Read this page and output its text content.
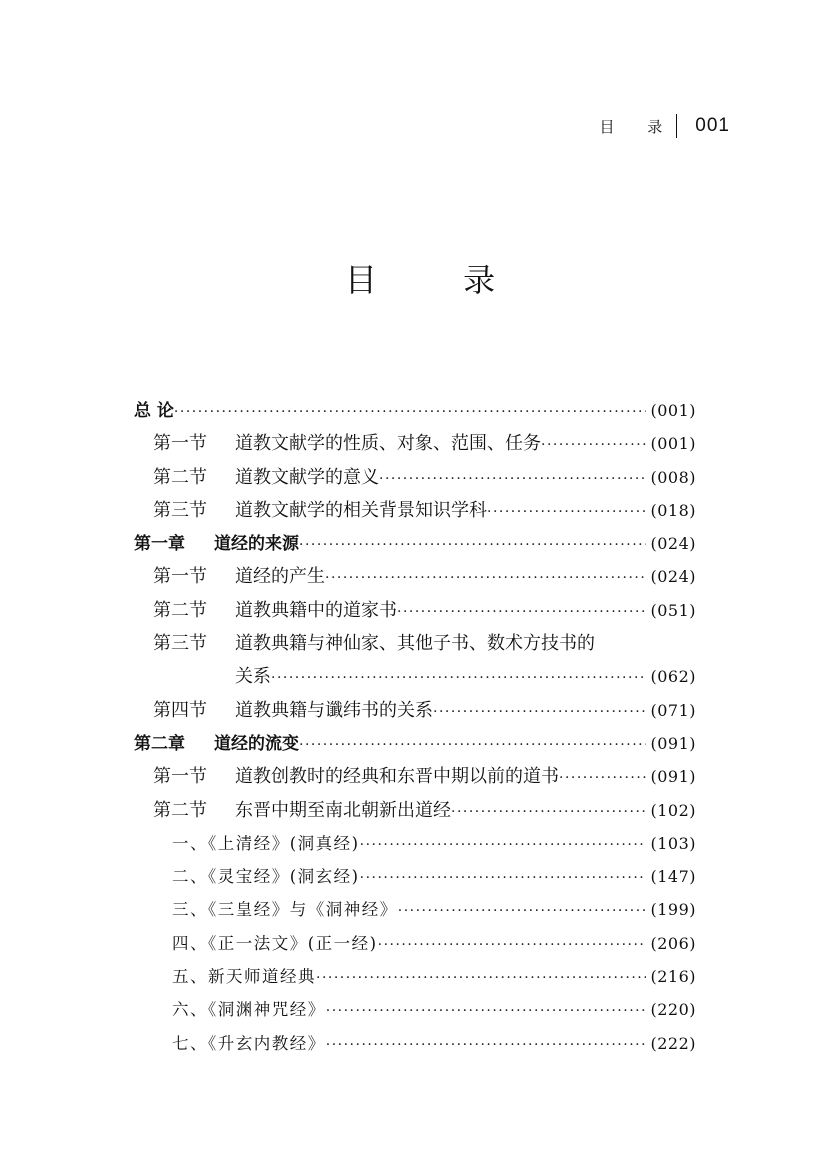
目 录 001
目 录
总 论 ·····	(001)
第一节 道教文献学的性质、对象、范围、任务 ·····	(001)
第二节 道教文献学的意义 ·····	(008)
第三节 道教文献学的相关背景知识学科 ·····	(018)
第一章 道经的来源 ·····	(024)
第一节 道经的产生 ·····	(024)
第二节 道教典籍中的道家书 ·····	(051)
第三节 道教典籍与神仙家、其他子书、数术方技书的
关系 ·····	(062)
第四节 道教典籍与谶纬书的关系 ·····	(071)
第二章 道经的流变 ·····	(091)
第一节 道教创教时的经典和东晋中期以前的道书 ·····	(091)
第二节 东晋中期至南北朝新出道经 ·····	(102)
一、《上清经》(洞真经) ·····	(103)
二、《灵宝经》(洞玄经) ·····	(147)
三、《三皇经》与《洞神经》 ·····	(199)
四、《正一法文》(正一经) ·····	(206)
五、新天师道经典 ·····	(216)
六、《洞渊神咒经》 ·····	(220)
七、《升玄内教经》 ·····	(222)
